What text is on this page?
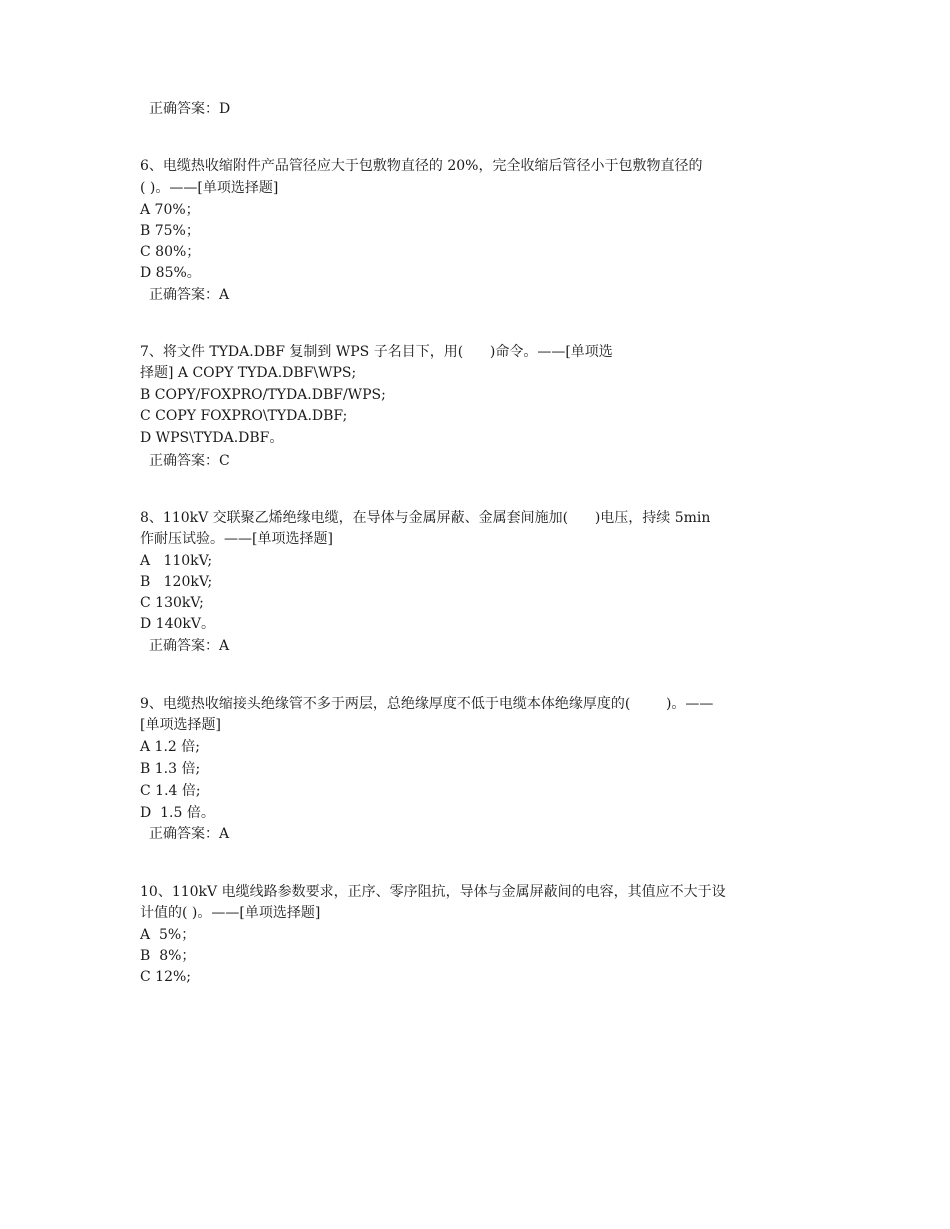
正确答案：D
6、电缆热收缩附件产品管径应大于包敷物直径的 20%，完全收缩后管径小于包敷物直径的
( )。——[单项选择题]
A 70%；
B 75%；
C 80%；
D 85%。
正确答案：A
7、将文件 TYDA.DBF 复制到 WPS 子名目下，用(      )命令。——[单项选
择题] A COPY TYDA.DBF\WPS;
B COPY/FOXPRO/TYDA.DBF/WPS;
C COPY FOXPRO\TYDA.DBF;
D WPS\TYDA.DBF。
正确答案：C
8、110kV 交联聚乙烯绝缘电缆，在导体与金属屏蔽、金属套间施加(      )电压，持续 5min
作耐压试验。——[单项选择题]
A   110kV;
B   120kV;
C 130kV;
D 140kV。
正确答案：A
9、电缆热收缩接头绝缘管不多于两层，总绝缘厚度不低于电缆本体绝缘厚度的(        )。——
[单项选择题]
A 1.2 倍;
B 1.3 倍;
C 1.4 倍;
D  1.5 倍。
正确答案：A
10、110kV 电缆线路参数要求，正序、零序阻抗，导体与金属屏蔽间的电容，其值应不大于设
计值的( )。——[单项选择题]
A  5%；
B  8%；
C 12%;
